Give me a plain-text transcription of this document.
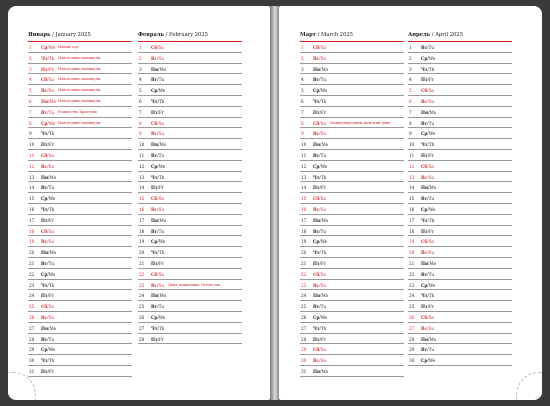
Январь / January 2025
1	Ср/We Новый год
2	Чт/Th Новогодние каникулы
3	Пт/Fr Новогодние каникулы
4	Сб/Sa Новогодние каникулы
5	Вс/Su Новогодние каникулы
6	Пн/Mo Новогодние каникулы
7	Вт/Tu Рождество Христово
8	Ср/We Новогодние каникулы
9	Чт/Th
10	Пт/Fr
11	Сб/Sa
12	Вс/Su
13	Пн/Mo
14	Вт/Tu
15	Ср/We
16	Чт/Th
17	Пт/Fr
18	Сб/Sa
19	Вс/Su
20	Пн/Mo
21	Вт/Tu
22	Ср/We
23	Чт/Th
24	Пт/Fr
25	Сб/Sa
26	Вс/Su
27	Пн/Mo
28	Вт/Tu
29	Ср/We
30	Чт/Th
31	Пт/Fr
Февраль / February 2025
1	Сб/Sa
2	Вс/Su
3	Пн/Mo
4	Вт/Tu
5	Ср/We
6	Чт/Th
7	Пт/Fr
8	Сб/Sa
9	Вс/Su
10	Пн/Mo
11	Вт/Tu
12	Ср/We
13	Чт/Th
14	Пт/Fr
15	Сб/Sa
16	Вс/Su
17	Пн/Mo
18	Вт/Tu
19	Ср/We
20	Чт/Th
21	Пт/Fr
22	Сб/Sa
23	Вс/Su День защитника Отечества
24	Пн/Mo
25	Вт/Tu
26	Ср/We
27	Чт/Th
28	Пт/Fr
Март / March 2025
1	Сб/Sa
2	Вс/Su
3	Пн/Mo
4	Вт/Tu
5	Ср/We
6	Чт/Th
7	Пт/Fr
8	Сб/Sa Международный женский день
9	Вс/Su
10	Пн/Mo
11	Вт/Tu
12	Ср/We
13	Чт/Th
14	Пт/Fr
15	Сб/Sa
16	Вс/Su
17	Пн/Mo
18	Вт/Tu
19	Ср/We
20	Чт/Th
21	Пт/Fr
22	Сб/Sa
23	Вс/Su
24	Пн/Mo
25	Вт/Tu
26	Ср/We
27	Чт/Th
28	Пт/Fr
29	Сб/Sa
30	Вс/Su
31	Пн/Mo
Апрель / April 2025
1	Вт/Tu
2	Ср/We
3	Чт/Th
4	Пт/Fr
5	Сб/Sa
6	Вс/Su
7	Пн/Mo
8	Вт/Tu
9	Ср/We
10	Чт/Th
11	Пт/Fr
12	Сб/Sa
13	Вс/Su
14	Пн/Mo
15	Вт/Tu
16	Ср/We
17	Чт/Th
18	Пт/Fr
19	Сб/Sa
20	Вс/Su
21	Пн/Mo
22	Вт/Tu
23	Ср/We
24	Чт/Th
25	Пт/Fr
26	Сб/Sa
27	Вс/Su
28	Пн/Mo
29	Вт/Tu
30	Ср/We
